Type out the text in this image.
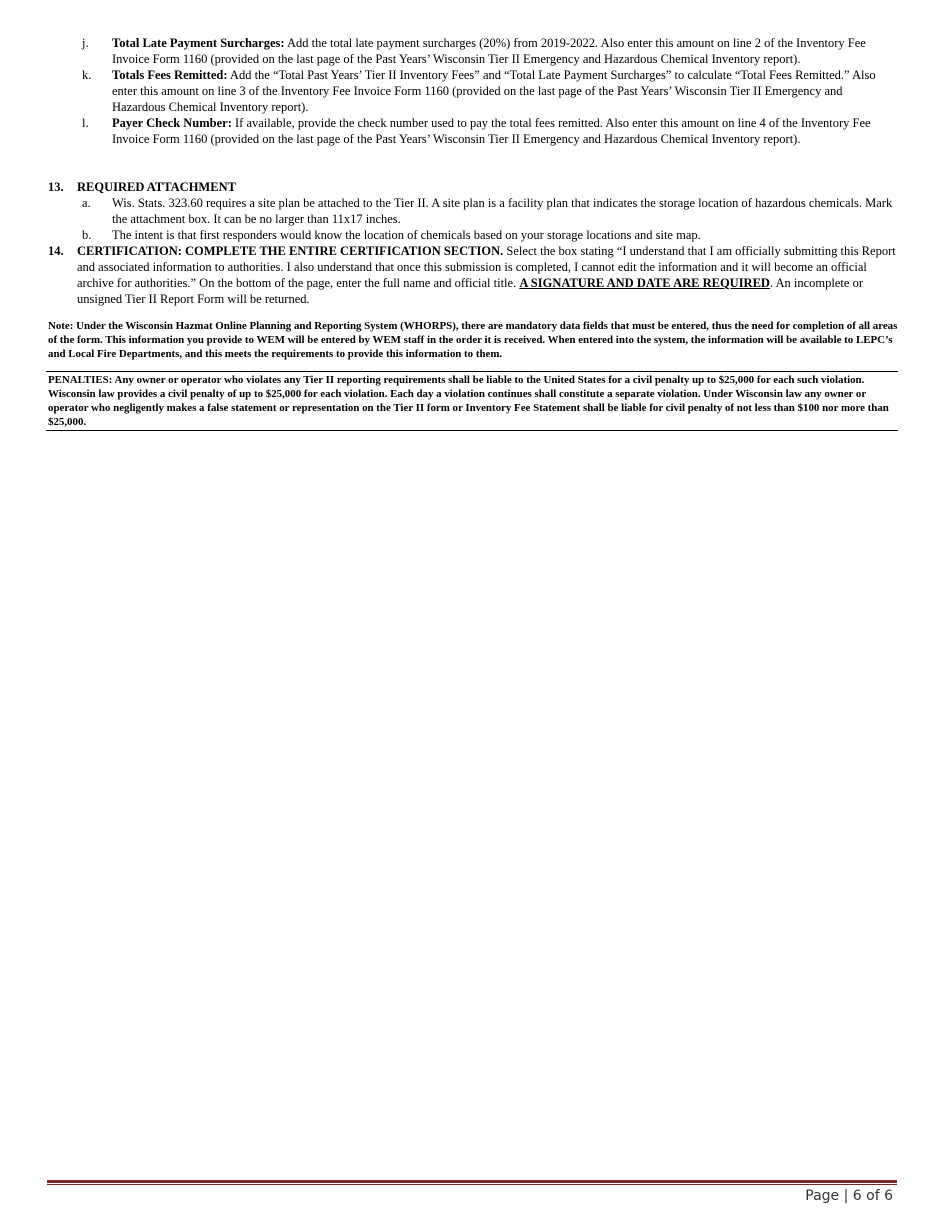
j.	Total Late Payment Surcharges: Add the total late payment surcharges (20%) from 2019-2022. Also enter this amount on line 2 of the Inventory Fee Invoice Form 1160 (provided on the last page of the Past Years’ Wisconsin Tier II Emergency and Hazardous Chemical Inventory report).
k.	Totals Fees Remitted: Add the “Total Past Years’ Tier II Inventory Fees” and “Total Late Payment Surcharges” to calculate “Total Fees Remitted.” Also enter this amount on line 3 of the Inventory Fee Invoice Form 1160 (provided on the last page of the Past Years’ Wisconsin Tier II Emergency and Hazardous Chemical Inventory report).
l.	Payer Check Number: If available, provide the check number used to pay the total fees remitted. Also enter this amount on line 4 of the Inventory Fee Invoice Form 1160 (provided on the last page of the Past Years’ Wisconsin Tier II Emergency and Hazardous Chemical Inventory report).
13.	REQUIRED ATTACHMENT
a.	Wis. Stats. 323.60 requires a site plan be attached to the Tier II. A site plan is a facility plan that indicates the storage location of hazardous chemicals. Mark the attachment box. It can be no larger than 11x17 inches.
b.	The intent is that first responders would know the location of chemicals based on your storage locations and site map.
14.	CERTIFICATION: COMPLETE THE ENTIRE CERTIFICATION SECTION. Select the box stating “I understand that I am officially submitting this Report and associated information to authorities. I also understand that once this submission is completed, I cannot edit the information and it will become an official archive for authorities.” On the bottom of the page, enter the full name and official title. A SIGNATURE AND DATE ARE REQUIRED. An incomplete or unsigned Tier II Report Form will be returned.
Note: Under the Wisconsin Hazmat Online Planning and Reporting System (WHORPS), there are mandatory data fields that must be entered, thus the need for completion of all areas of the form. This information you provide to WEM will be entered by WEM staff in the order it is received. When entered into the system, the information will be available to LEPC’s and Local Fire Departments, and this meets the requirements to provide this information to them.
PENALTIES: Any owner or operator who violates any Tier II reporting requirements shall be liable to the United States for a civil penalty up to $25,000 for each such violation. Wisconsin law provides a civil penalty of up to $25,000 for each violation. Each day a violation continues shall constitute a separate violation. Under Wisconsin law any owner or operator who negligently makes a false statement or representation on the Tier II form or Inventory Fee Statement shall be liable for civil penalty of not less than $100 nor more than $25,000.
Page | 6 of 6
